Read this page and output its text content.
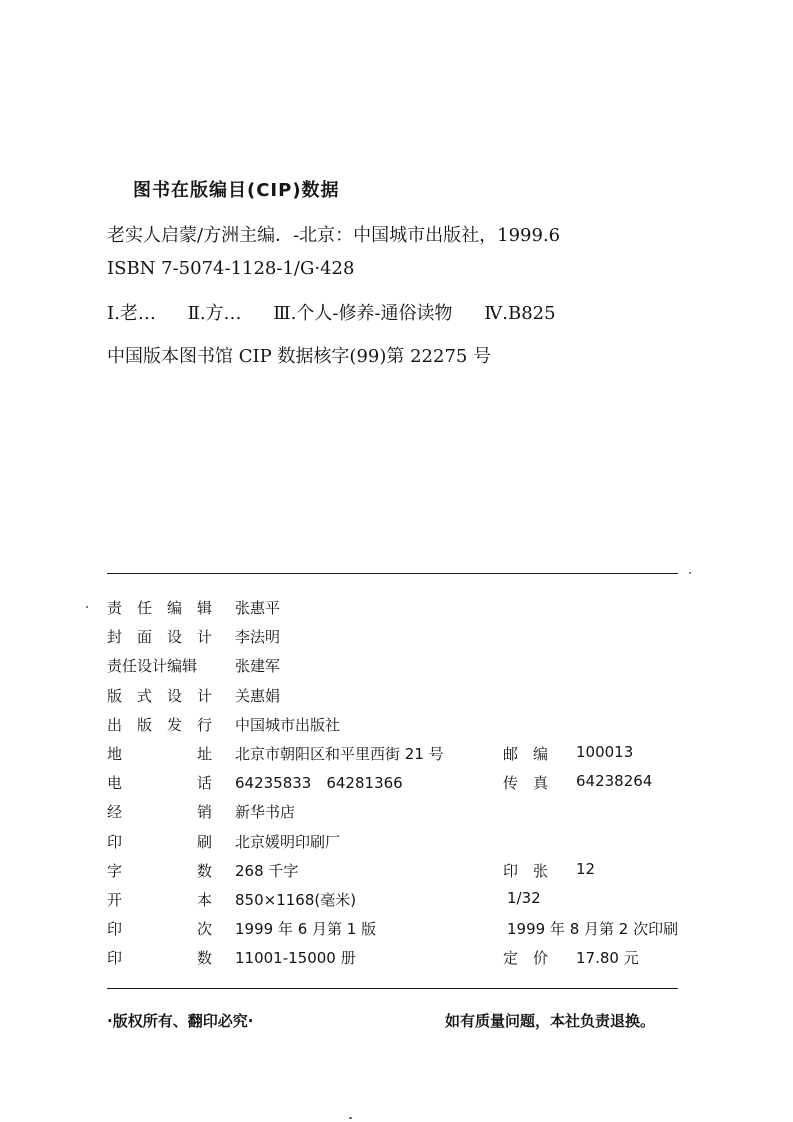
图书在版编目(CIP)数据
老实人启蒙/方洲主编．-北京：中国城市出版社，1999.6
ISBN 7-5074-1128-1/G·428
Ⅰ.老… Ⅱ.方… Ⅲ.个人-修养-通俗读物 Ⅳ.B825
中国版本图书馆 CIP 数据核字(99)第 22275 号
责 任 编 辑 张惠平
封 面 设 计 李法明
责任设计编辑	张建军
版 式 设 计 关惠娟
出 版 发 行 中国城市出版社
地	址 北京市朝阳区和平里西街 21 号	邮　编 100013
电	话 64235833　64281366	传　真 64238264
经	销 新华书店
印	刷 北京媛明印刷厂
字	数 268 千字	印　张 12
开	本 850×1168(毫米)	1/32
印	次 1999 年 6 月第 1 版	1999 年 8 月第 2 次印刷
印	数 11001-15000 册	定　价 17.80 元
·版权所有、翻印必究·	如有质量问题，本社负责退换。
